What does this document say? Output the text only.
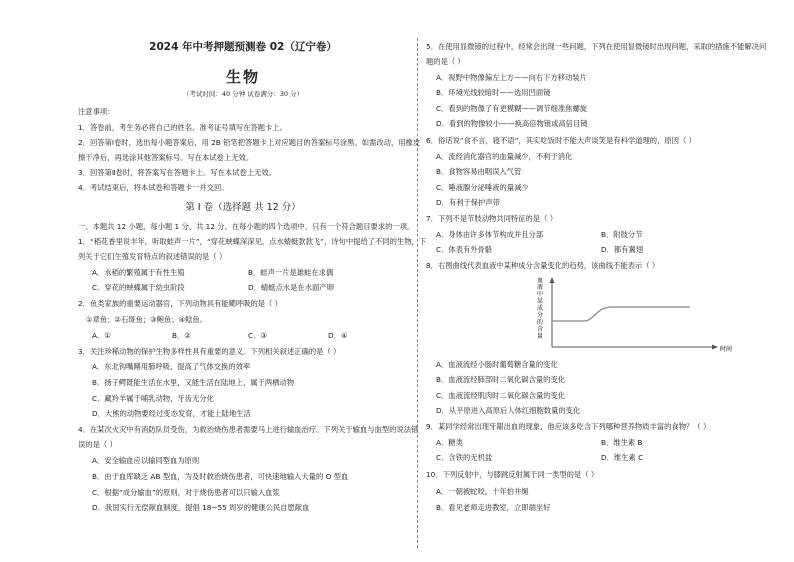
2024 年中考押题预测卷 02（辽宁卷）
生物
（考试时间：40 分钟 试卷满分：30 分）
注意事项：
1．答卷前，考生务必将自己的姓名、准考证号填写在答题卡上。
2．回答第Ⅰ卷时，选出每小题答案后，用 2B 铅笔把答题卡上对应题目的答案标号涂黑。如需改动，用橡皮
擦干净后，再选涂其他答案标号。写在本试卷上无效。
3．回答第Ⅱ卷时，将答案写在答题卡上。写在本试卷上无效。
4．考试结束后，将本试卷和答题卡一并交回。
第 Ⅰ 卷（选择题 共 12 分）
一、本题共 12 小题，每小题 1 分，共 12 分。在每小题的四个选项中，只有一个符合题目要求的一项。
1．“稻花香里说丰年，听取蛙声一片”，“穿花蛱蝶深深见，点水蜻蜓款款飞”，诗句中提给了不同的生物，下
列关于它们生殖发育特点的叙述错误的是（ ）
A．水稻的繁殖属于有性生殖	B．蛙声一片是雄蛙在求偶
C．穿花的蛱蝶属于幼虫阶段	D．蜻蜓点水是在水面产卵
2．鱼类家族的重要运动器官，下列动物具有能鳃呼吸的是（ ）
①章鱼；②石斑鱼；③鲍鱼；④鲶鱼。
A．①	B．②	C．③	D．④
3．关注珍稀动物的保护生物多样性具有重要的意义。下列相关叙述正确的是（ ）
A．东北钩嘴鳝用肺呼吸，提高了气体交换的效率
B．扬子鳄既能生活在水里，又能生活在陆地上，属于两栖动物
C．藏羚羊属于哺乳动物，牙齿无分化
D．大熊的动物要经过变态发育，才能上陆地生活
4．在某次火灾中有消防队员受伤，为救治烧伤患者需要马上进行输血治疗。下列关于输血与血型的说法错
误的是（ ）
A．安全输血应以输同型血为原则
B．由于血库缺乏 AB 型血，为及时救治烧伤患者，可快速地输入大量的 O 型血
C．根据“成分输血”的原则，对于烧伤患者可以只输入血浆
D．我国实行无偿献血制度，提倡 18~55 周岁的健康公民自愿献血
5．在使用显微镜的过程中，经常会出现一些问题，下列在使用显微镜时出现问题，采取的措施不能解决问
题的是（ ）
A．视野中物像偏左上方——向右下方移动装片
B．环境光线较暗时——选用凹面镜
C．看到的物像了有更模糊——调节细准焦螺旋
D．看到的物像较小——换高倍物镜或高倍目镜
6．俗话说“食不言，寝不语”，其实吃饭时不能大声谈笑是有科学道理的，原因（ ）
A．流经消化器官的血量减少，不利于消化
B．食物容易由咽误入气管
C．唾液腺分泌唾液的量减少
D．有利于保护声带
7．下列不是节肢动物共同特征的是（ ）
A．身体由许多体节构成并且分部	B．附肢分节
C．体表有外骨骼	D．都有翼翅
8．右图曲线代表血液中某种成分含量变化的趋势，该曲线不能表示（ ）
血液中某成分的含量
时间
A．血液流经小肠时葡萄糖含量的变化
B．血液流经肺部时二氧化碳含量的变化
C．血液流经肌肉时二氧化碳含量的变化
D．从平原进入高原后人体红细胞数量的变化
9．某同学经常出现牙龈出血的现象，他应该多吃含下列哪种营养物质丰富的食物？（ ）
A．糖类	B．维生素 B
C．含铁的无机盐	D．维生素 C
10．下列反射中，与膝跳反射属于同一类型的是（ ）
A．一朝被蛇咬，十年怕井绳
B．看见老师走进教室，立即端坐好
